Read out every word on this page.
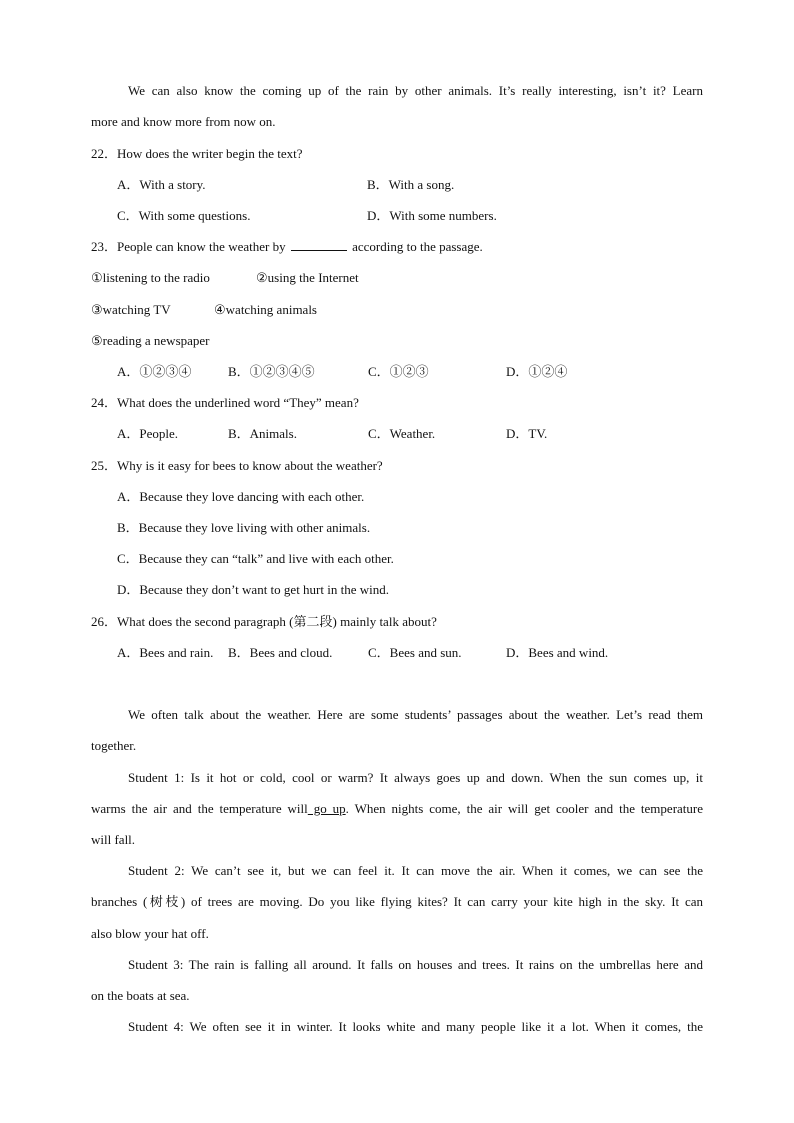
We can also know the coming up of the rain by other animals. It’s really interesting, isn’t it? Learn
more and know more from now on.
22．How does the writer begin the text?
A．With a story.	B．With a song.
C．With some questions.	D．With some numbers.
23．People can know the weather by	according to the passage.
①listening to the radio	②using the Internet
③watching TV	④watching animals
⑤reading a newspaper
A．①②③④	B．①②③④⑤	C．①②③	D．①②④
24．What does the underlined word “They” mean?
A．People.	B．Animals.	C．Weather.	D．TV.
25．Why is it easy for bees to know about the weather?
A．Because they love dancing with each other.
B．Because they love living with other animals.
C．Because they can “talk” and live with each other.
D．Because they don’t want to get hurt in the wind.
26．What does the second paragraph (第二段) mainly talk about?
A．Bees and rain. B．Bees and cloud.	C．Bees and sun.	D．Bees and wind.
We often talk about the weather. Here are some students’ passages about the weather. Let’s read them
together.
Student 1: Is it hot or cold, cool or warm? It always goes up and down. When the sun comes up, it
warms the air and the temperature will go up. When nights come, the air will get cooler and the temperature
will fall.
Student 2: We can’t see it, but we can feel it. It can move the air. When it comes, we can see the
branches (树枝) of trees are moving. Do you like flying kites? It can carry your kite high in the sky. It can
also blow your hat off.
Student 3: The rain is falling all around. It falls on houses and trees. It rains on the umbrellas here and
on the boats at sea.
Student 4: We often see it in winter. It looks white and many people like it a lot. When it comes, the
